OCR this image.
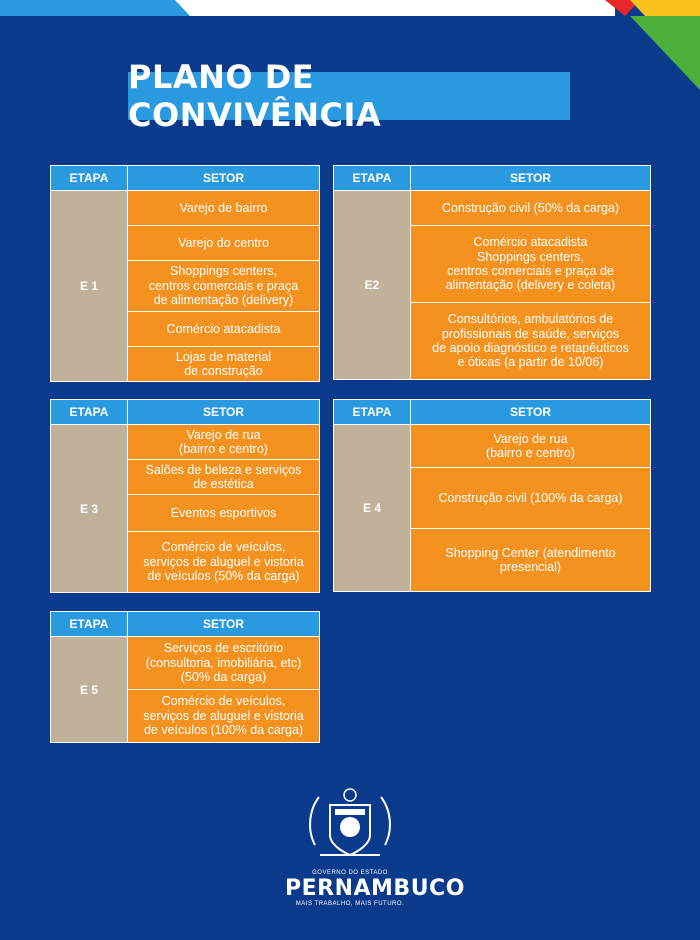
PLANO DE CONVIVÊNCIA
ETAPA	SETOR
E 1	Varejo de bairro

	Varejo do centro

	Shoppings centers,
centros comerciais e praça
de alimentação (delivery)

	Comércio atacadista

	Lojas de material
de construção
ETAPA	SETOR
E2	Construção civil (50% da carga)

	Comércio atacadista
Shoppings centers,
centros comerciais e praça de
alimentação (delivery e coleta)

	Consultórios, ambulatórios de
profissionais de saúde, serviços
de apoio diagnóstico e retapêuticos
e óticas (a partir de 10/06)
ETAPA	SETOR
E 3	Varejo de rua
(bairro e centro)

	Salões de beleza e serviços
de estética

	Eventos esportivos

	Comércio de veículos,
serviços de aluguel e vistoria
de veículos (50% da carga)
ETAPA	SETOR
E 4	Varejo de rua
(bairro e centro)

	Construção civil (100% da carga)

	Shopping Center (atendimento
presencial)
ETAPA	SETOR
E 5	Serviços de escritório
(consultoria, imobiliária, etc)
(50% da carga)

	Comércio de veículos,
serviços de aluguel e vistoria
de veículos (100% da carga)
GOVERNO DO ESTADO
PERNAMBUCO
MAIS TRABALHO, MAIS FUTURO.
